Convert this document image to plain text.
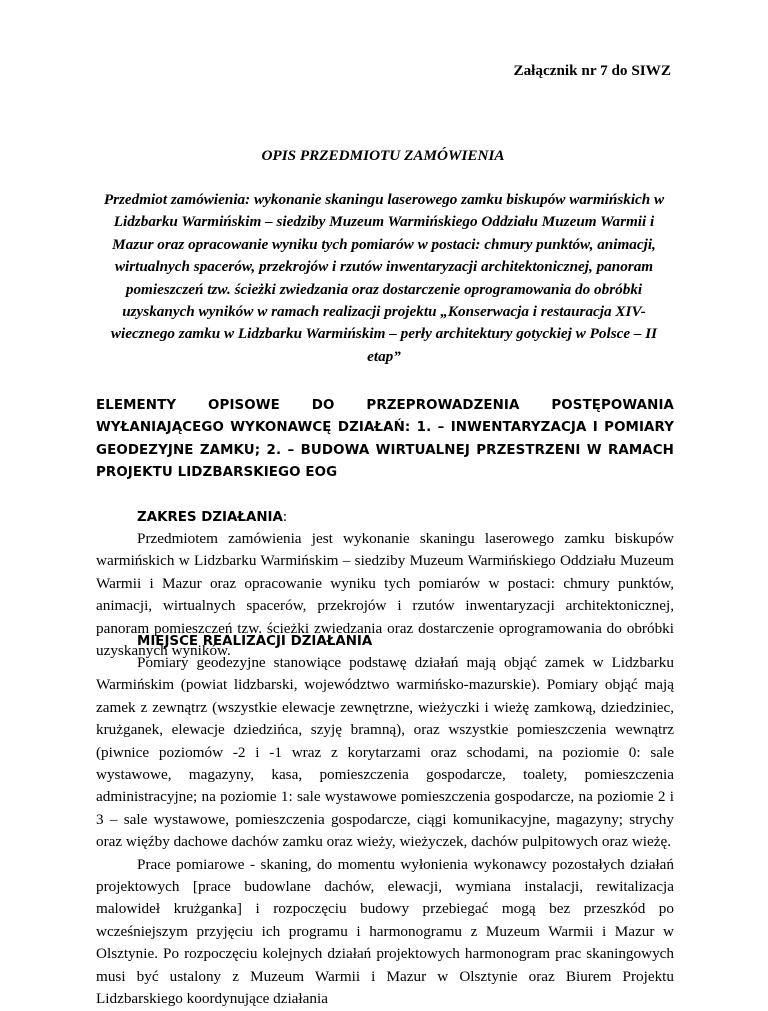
Załącznik nr 7 do SIWZ
OPIS PRZEDMIOTU ZAMÓWIENIA
Przedmiot zamówienia: wykonanie skaningu laserowego zamku biskupów warmińskich w Lidzbarku Warmińskim – siedziby Muzeum Warmińskiego Oddziału Muzeum Warmii i Mazur oraz opracowanie wyniku tych pomiarów w postaci: chmury punktów, animacji, wirtualnych spacerów, przekrojów i rzutów inwentaryzacji architektonicznej, panoram pomieszczeń tzw. ścieżki zwiedzania oraz dostarczenie oprogramowania do obróbki uzyskanych wyników w ramach realizacji projektu „Konserwacja i restauracja XIV-wiecznego zamku w Lidzbarku Warmińskim – perły architektury gotyckiej w Polsce – II etap”
ELEMENTY OPISOWE DO PRZEPROWADZENIA POSTĘPOWANIA WYŁANIAJĄCEGO WYKONAWCĘ DZIAŁAŃ: 1. – INWENTARYZACJA I POMIARY GEODEZYJNE ZAMKU; 2. – BUDOWA WIRTUALNEJ PRZESTRZENI W RAMACH PROJEKTU LIDZBARSKIEGO EOG
ZAKRES DZIAŁANIA:

Przedmiotem zamówienia jest wykonanie skaningu laserowego zamku biskupów warmińskich w Lidzbarku Warmińskim – siedziby Muzeum Warmińskiego Oddziału Muzeum Warmii i Mazur oraz opracowanie wyniku tych pomiarów w postaci: chmury punktów, animacji, wirtualnych spacerów, przekrojów i rzutów inwentaryzacji architektonicznej, panoram pomieszczeń tzw. ścieżki zwiedzania oraz dostarczenie oprogramowania do obróbki uzyskanych wyników.

MIEJSCE REALIZACJI DZIAŁANIA

Pomiary geodezyjne stanowiące podstawę działań mają objąć zamek w Lidzbarku Warmińskim (powiat lidzbarski, województwo warmińsko-mazurskie). Pomiary objąć mają zamek z zewnątrz (wszystkie elewacje zewnętrzne, wieżyczki i wieżę zamkową, dziedziniec, krużganek, elewacje dziedzińca, szyję bramną), oraz wszystkie pomieszczenia wewnątrz (piwnice poziomów -2 i -1 wraz z korytarzami oraz schodami, na poziomie 0: sale wystawowe, magazyny, kasa, pomieszczenia gospodarcze, toalety, pomieszczenia administracyjne; na poziomie 1: sale wystawowe pomieszczenia gospodarcze, na poziomie 2 i 3 – sale wystawowe, pomieszczenia gospodarcze, ciągi komunikacyjne, magazyny; strychy oraz więźby dachowe dachów zamku oraz wieży, wieżyczek, dachów pulpitowych oraz wieżę.

Prace pomiarowe - skaning, do momentu wyłonienia wykonawcy pozostałych działań projektowych [prace budowlane dachów, elewacji, wymiana instalacji, rewitalizacja malowideł krużganka] i rozpoczęciu budowy przebiegać mogą bez przeszkód po wcześniejszym przyjęciu ich programu i harmonogramu z Muzeum Warmii i Mazur w Olsztynie. Po rozpoczęciu kolejnych działań projektowych harmonogram prac skaningowych musi być ustalony z Muzeum Warmii i Mazur w Olsztynie oraz Biurem Projektu Lidzbarskiego koordynujące działania
